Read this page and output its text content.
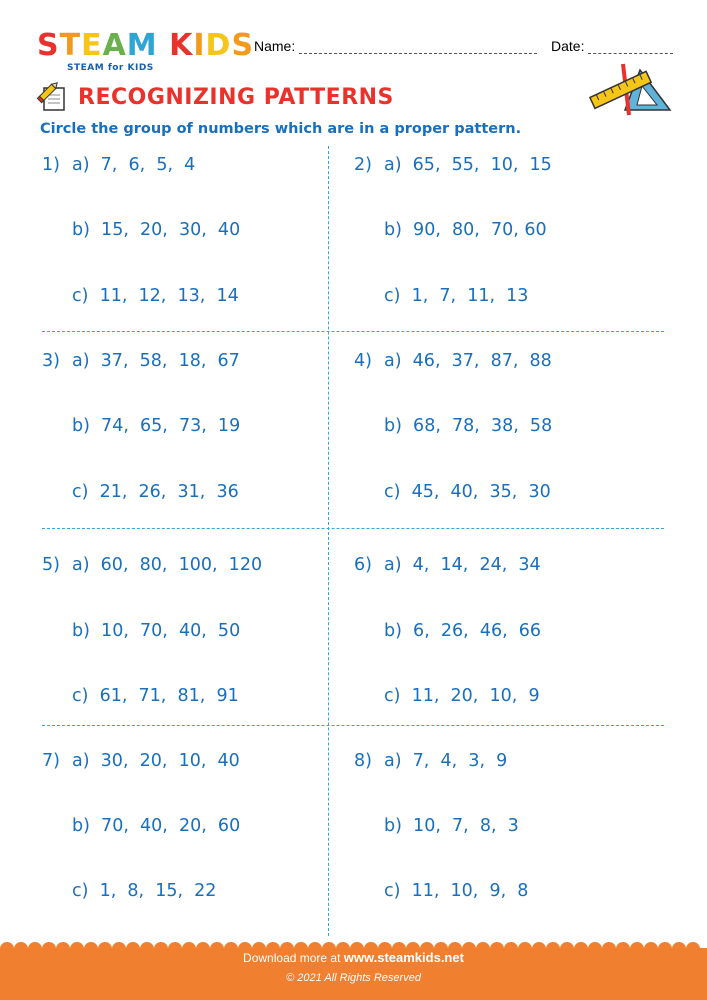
STEAM KIDS
STEAM for KIDS
Name:	Date:
RECOGNIZING PATTERNS
Circle the group of numbers which are in a proper pattern.
1) a)  7,  6,  5,  4
b)  15,  20,  30,  40
c)  11,  12,  13,  14
2) a)  65,  55,  10,  15
b)  90,  80,  70, 60
c)  1,  7,  11,  13
3) a)  37,  58,  18,  67
b)  74,  65,  73,  19
c)  21,  26,  31,  36
4) a)  46,  37,  87,  88
b)  68,  78,  38,  58
c)  45,  40,  35,  30
5) a)  60,  80,  100,  120
b)  10,  70,  40,  50
c)  61,  71,  81,  91
6) a)  4,  14,  24,  34
b)  6,  26,  46,  66
c)  11,  20,  10,  9
7) a)  30,  20,  10,  40
b)  70,  40,  20,  60
c)  1,  8,  15,  22
8) a)  7,  4,  3,  9
b)  10,  7,  8,  3
c)  11,  10,  9,  8
Download more at www.steamkids.net
© 2021 All Rights Reserved
